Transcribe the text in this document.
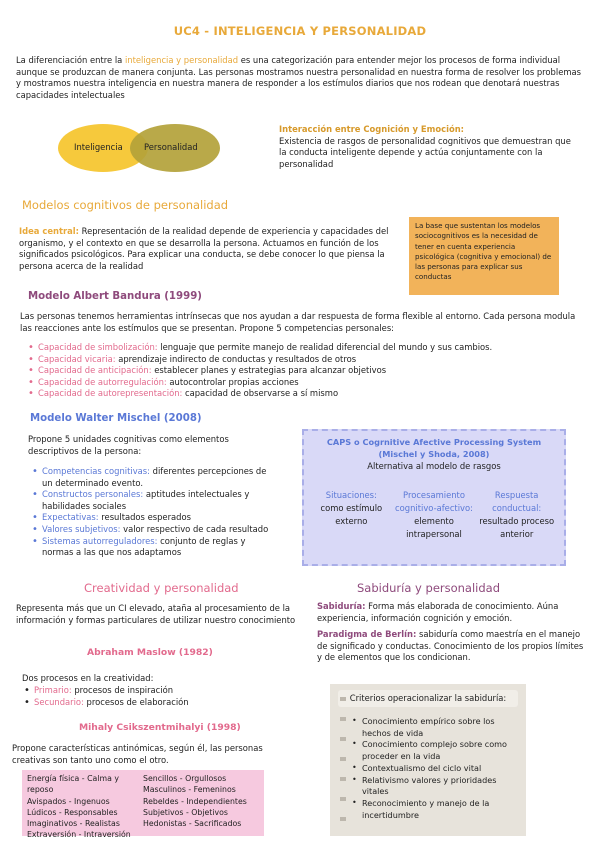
UC4 - INTELIGENCIA Y PERSONALIDAD

La diferenciación entre la inteligencia y personalidad es una categorización para entender mejor los procesos de forma individual aunque se produzcan de manera conjunta. Las personas mostramos nuestra personalidad en nuestra forma de resolver los problemas y mostramos nuestra inteligencia en nuestra manera de responder a los estímulos diarios que nos rodean que denotará nuestras capacidades intelectuales

Inteligencia	Personalidad
Interacción entre Cognición y Emoción:
Existencia de rasgos de personalidad cognitivos que demuestran que la conducta inteligente depende y actúa conjuntamente con la personalidad
Modelos cognitivos de personalidad

Idea central: Representación de la realidad depende de experiencia y capacidades del organismo, y el contexto en que se desarrolla la persona. Actuamos en función de los significados psicológicos. Para explicar una conducta, se debe conocer lo que piensa la persona acerca de la realidad

La base que sustentan los modelos sociocognitivos es la necesidad de tener en cuenta experiencia psicológica (cognitiva y emocional) de las personas para explicar sus conductas
Modelo Albert Bandura (1999)

Las personas tenemos herramientas intrínsecas que nos ayudan a dar respuesta de forma flexible al entorno. Cada persona modula las reacciones ante los estímulos que se presentan. Propone 5 competencias personales:

• Capacidad de simbolización: lenguaje que permite manejo de realidad diferencial del mundo y sus cambios.
• Capacidad vicaria: aprendizaje indirecto de conductas y resultados de otros
• Capacidad de anticipación: establecer planes y estrategias para alcanzar objetivos
• Capacidad de autorregulación: autocontrolar propias acciones
• Capacidad de autorepresentación: capacidad de observarse a sí mismo
Modelo Walter Mischel (2008)

Propone 5 unidades cognitivas como elementos descriptivos de la persona:

• Competencias cognitivas: diferentes percepciones de un determinado evento.
• Constructos personales: aptitudes intelectuales y habilidades sociales
• Expectativas: resultados esperados
• Valores subjetivos: valor respectivo de cada resultado
• Sistemas autorreguladores: conjunto de reglas y normas a las que nos adaptamos
CAPS o Cogrnitive Afective Processing System
(Mischel y Shoda, 2008)
Alternativa al modelo de rasgos
Situaciones:
como estímulo externo
Procesamiento cognitivo-afectivo:
elemento intrapersonal
Respuesta conductual:
resultado proceso anterior
Creatividad y personalidad	Sabiduría y personalidad

Representa más que un CI elevado, ataña al procesamiento de la información y formas particulares de utilizar nuestro conocimiento

Abraham Maslow (1982)
Dos procesos en la creatividad:
• Primario: procesos de inspiración
• Secundario: procesos de elaboración
Mihaly Csikszentmihalyi (1998)

Propone características antinómicas, según él, las personas creativas son tanto uno como el otro.

Energía física - Calma y reposo
Avispados - Ingenuos
Lúdicos - Responsables
Imaginativos - Realistas
Extraversión - Intraversión
Sencillos - Orgullosos
Masculinos - Femeninos
Rebeldes - Independientes
Subjetivos - Objetivos
Hedonistas - Sacrificados

Sabiduría: Forma más elaborada de conocimiento. Aúna experiencia, información cognición y emoción.

Paradigma de Berlín: sabiduría como maestría en el manejo de significado y conductas. Conocimiento de los propios límites y de elementos que los condicionan.

Criterios operacionalizar la sabiduría:
• Conocimiento empírico sobre los hechos de vida
• Conocimiento complejo sobre como proceder en la vida
• Contextualismo del ciclo vital
• Relativismo valores y prioridades vitales
• Reconocimiento y manejo de la incertidumbre
